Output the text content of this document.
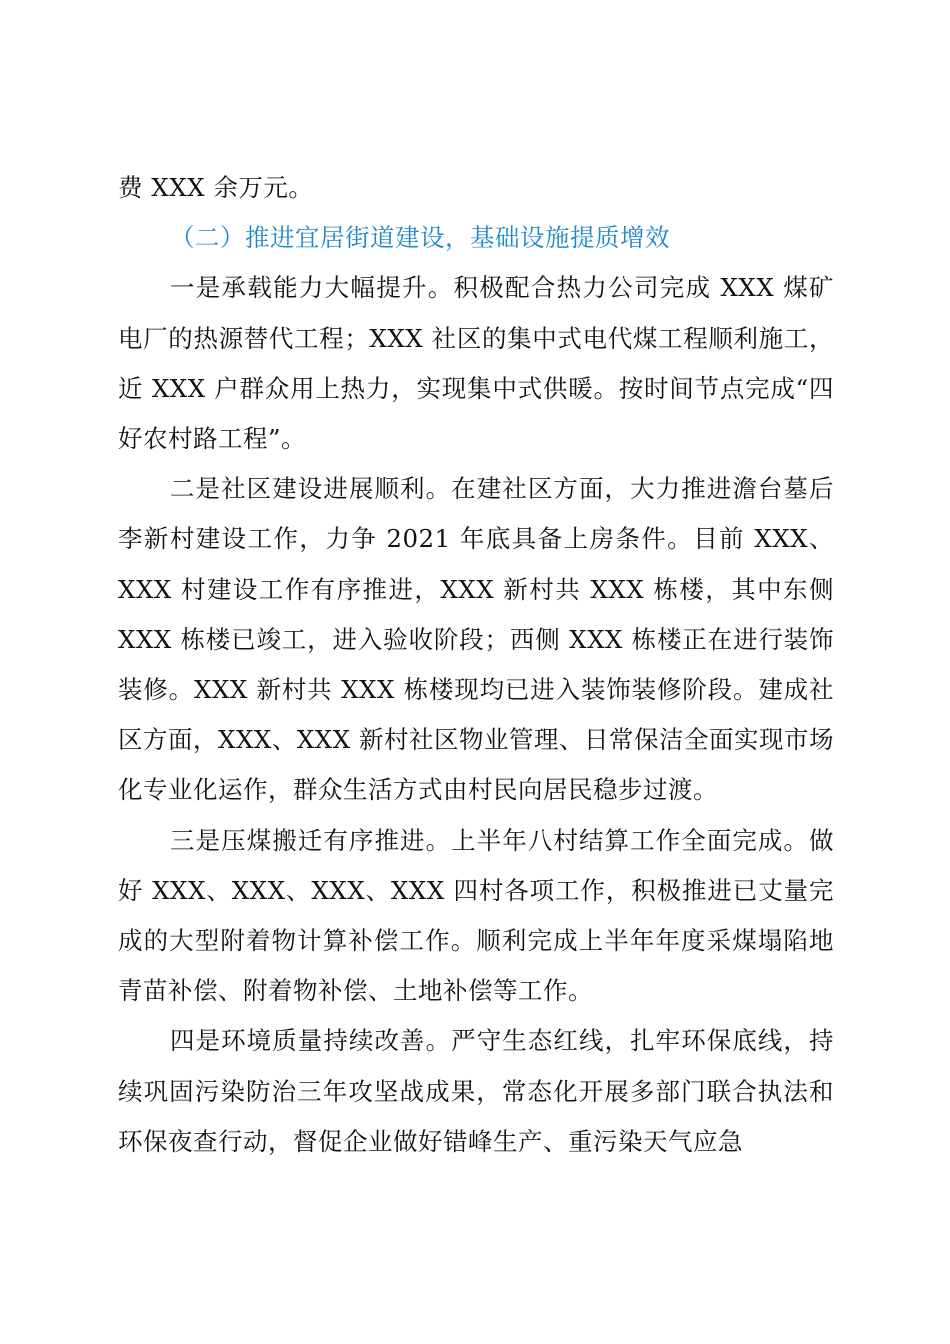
费 XXX 余万元。

（二）推进宜居街道建设，基础设施提质增效

一是承载能力大幅提升。积极配合热力公司完成 XXX 煤矿电厂的热源替代工程；XXX 社区的集中式电代煤工程顺利施工，近 XXX 户群众用上热力，实现集中式供暖。按时间节点完成“四好农村路工程”。

二是社区建设进展顺利。在建社区方面，大力推进澹台墓后李新村建设工作，力争 2021 年底具备上房条件。目前 XXX、XXX 村建设工作有序推进，XXX 新村共 XXX 栋楼，其中东侧 XXX 栋楼已竣工，进入验收阶段；西侧 XXX 栋楼正在进行装饰装修。XXX 新村共 XXX 栋楼现均已进入装饰装修阶段。建成社区方面，XXX、XXX 新村社区物业管理、日常保洁全面实现市场化专业化运作，群众生活方式由村民向居民稳步过渡。

三是压煤搬迁有序推进。上半年八村结算工作全面完成。做好 XXX、XXX、XXX、XXX 四村各项工作，积极推进已丈量完成的大型附着物计算补偿工作。顺利完成上半年年度采煤塌陷地青苗补偿、附着物补偿、土地补偿等工作。

四是环境质量持续改善。严守生态红线，扎牢环保底线，持续巩固污染防治三年攻坚战成果，常态化开展多部门联合执法和环保夜查行动，督促企业做好错峰生产、重污染天气应急
